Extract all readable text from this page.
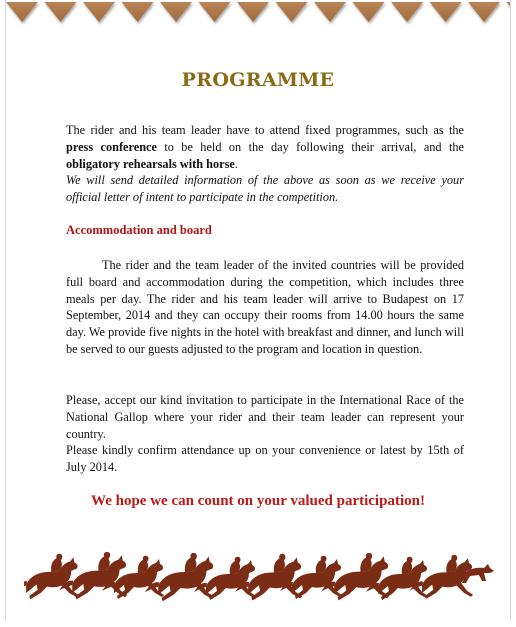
PROGRAMME
The rider and his team leader have to attend fixed programmes, such as the press conference to be held on the day following their arrival, and the obligatory rehearsals with horse.
We will send detailed information of the above as soon as we receive your official letter of intent to participate in the competition.
Accommodation and board
The rider and the team leader of the invited countries will be provided full board and accommodation during the competition, which includes three meals per day. The rider and his team leader will arrive to Budapest on 17 September, 2014 and they can occupy their rooms from 14.00 hours the same day. We provide five nights in the hotel with breakfast and dinner, and lunch will be served to our guests adjusted to the program and location in question.
Please, accept our kind invitation to participate in the International Race of the National Gallop where your rider and their team leader can represent your country.
Please kindly confirm attendance up on your convenience or latest by 15th of July 2014.
We hope we can count on your valued participation!
